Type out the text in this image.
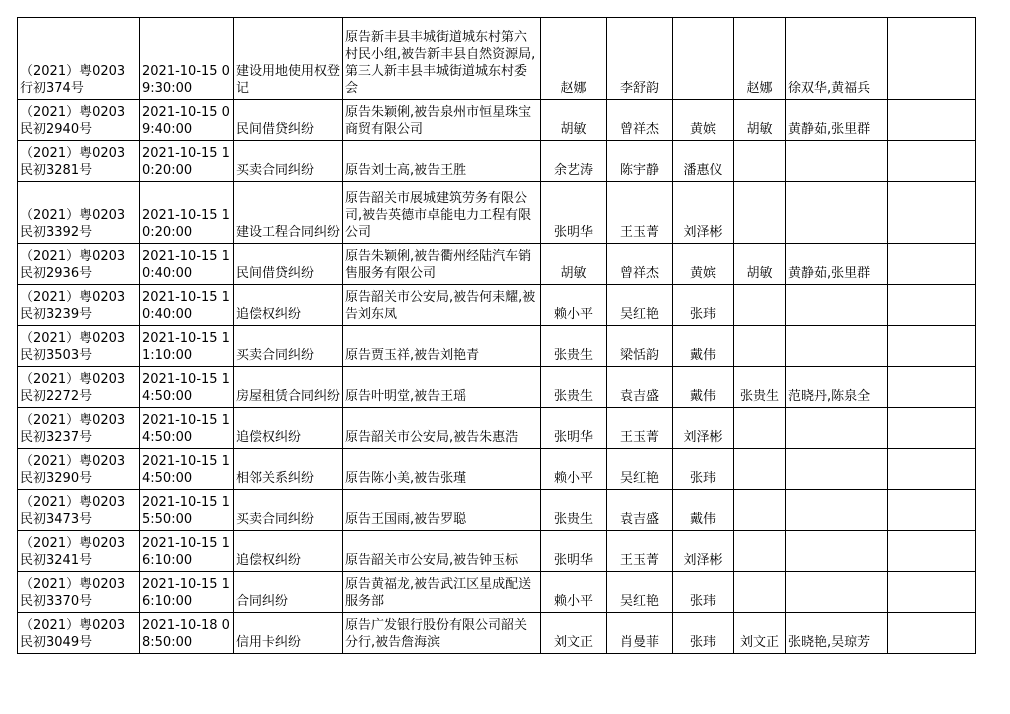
（2021）粤0203行初374号	2021-10-15 09:30:00	建设用地使用权登记	原告新丰县丰城街道城东村第六村民小组,被告新丰县自然资源局,第三人新丰县丰城街道城东村委会	赵娜	李舒韵		赵娜	徐双华,黄福兵	
（2021）粤0203民初2940号	2021-10-15 09:40:00	民间借贷纠纷	原告朱颖俐,被告泉州市恒星珠宝商贸有限公司	胡敏	曾祥杰	黄嫔	胡敏	黄静茹,张里群	
（2021）粤0203民初3281号	2021-10-15 10:20:00	买卖合同纠纷	原告刘士高,被告王胜	余艺涛	陈宇静	潘惠仪			
（2021）粤0203民初3392号	2021-10-15 10:20:00	建设工程合同纠纷	原告韶关市展城建筑劳务有限公司,被告英德市卓能电力工程有限公司	张明华	王玉菁	刘泽彬			
（2021）粤0203民初2936号	2021-10-15 10:40:00	民间借贷纠纷	原告朱颖俐,被告衢州经陆汽车销售服务有限公司	胡敏	曾祥杰	黄嫔	胡敏	黄静茹,张里群	
（2021）粤0203民初3239号	2021-10-15 10:40:00	追偿权纠纷	原告韶关市公安局,被告何耒耀,被告刘东凤	赖小平	吴红艳	张玮			
（2021）粤0203民初3503号	2021-10-15 11:10:00	买卖合同纠纷	原告贾玉祥,被告刘艳青	张贵生	梁恬韵	戴伟			
（2021）粤0203民初2272号	2021-10-15 14:50:00	房屋租赁合同纠纷	原告叶明堂,被告王瑶	张贵生	袁吉盛	戴伟	张贵生	范晓丹,陈泉全	
（2021）粤0203民初3237号	2021-10-15 14:50:00	追偿权纠纷	原告韶关市公安局,被告朱惠浩	张明华	王玉菁	刘泽彬			
（2021）粤0203民初3290号	2021-10-15 14:50:00	相邻关系纠纷	原告陈小美,被告张瑾	赖小平	吴红艳	张玮			
（2021）粤0203民初3473号	2021-10-15 15:50:00	买卖合同纠纷	原告王国雨,被告罗聪	张贵生	袁吉盛	戴伟			
（2021）粤0203民初3241号	2021-10-15 16:10:00	追偿权纠纷	原告韶关市公安局,被告钟玉标	张明华	王玉菁	刘泽彬			
（2021）粤0203民初3370号	2021-10-15 16:10:00	合同纠纷	原告黄福龙,被告武江区星成配送服务部	赖小平	吴红艳	张玮			
（2021）粤0203民初3049号	2021-10-18 08:50:00	信用卡纠纷	原告广发银行股份有限公司韶关分行,被告詹海滨	刘文正	肖曼菲	张玮	刘文正	张晓艳,吴琼芳	
